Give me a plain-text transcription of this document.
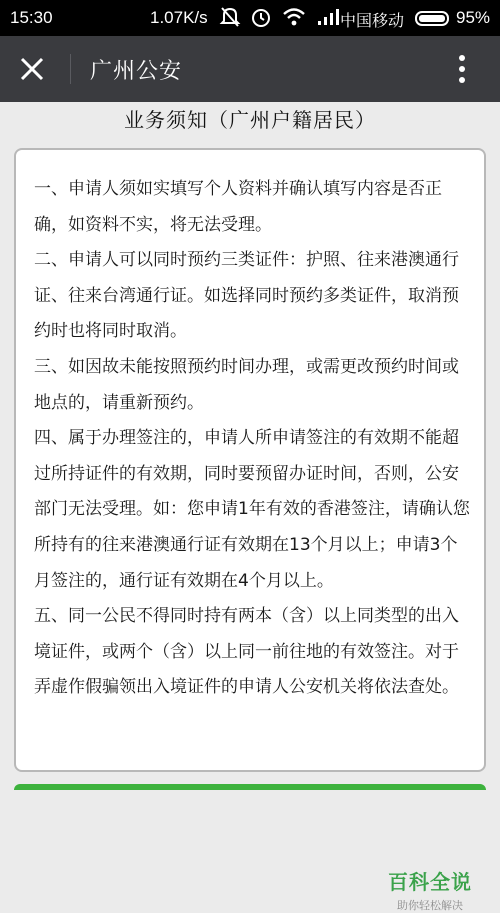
15:30	1.07K/s	中国移动	95%
广州公安
业务须知（广州户籍居民）

一、申请人须如实填写个人资料并确认填写内容是否正确，如资料不实，将无法受理。

二、申请人可以同时预约三类证件：护照、往来港澳通行证、往来台湾通行证。如选择同时预约多类证件，取消预约时也将同时取消。

三、如因故未能按照预约时间办理，或需更改预约时间或地点的，请重新预约。

四、属于办理签注的，申请人所申请签注的有效期不能超过所持证件的有效期，同时要预留办证时间，否则，公安部门无法受理。如：您申请1年有效的香港签注，请确认您所持有的往来港澳通行证有效期在13个月以上；申请3个月签注的，通行证有效期在4个月以上。

五、同一公民不得同时持有两本（含）以上同类型的出入境证件，或两个（含）以上同一前往地的有效签注。对于弄虚作假骗领出入境证件的申请人公安机关将依法查处。

百科全说
助你轻松解决
